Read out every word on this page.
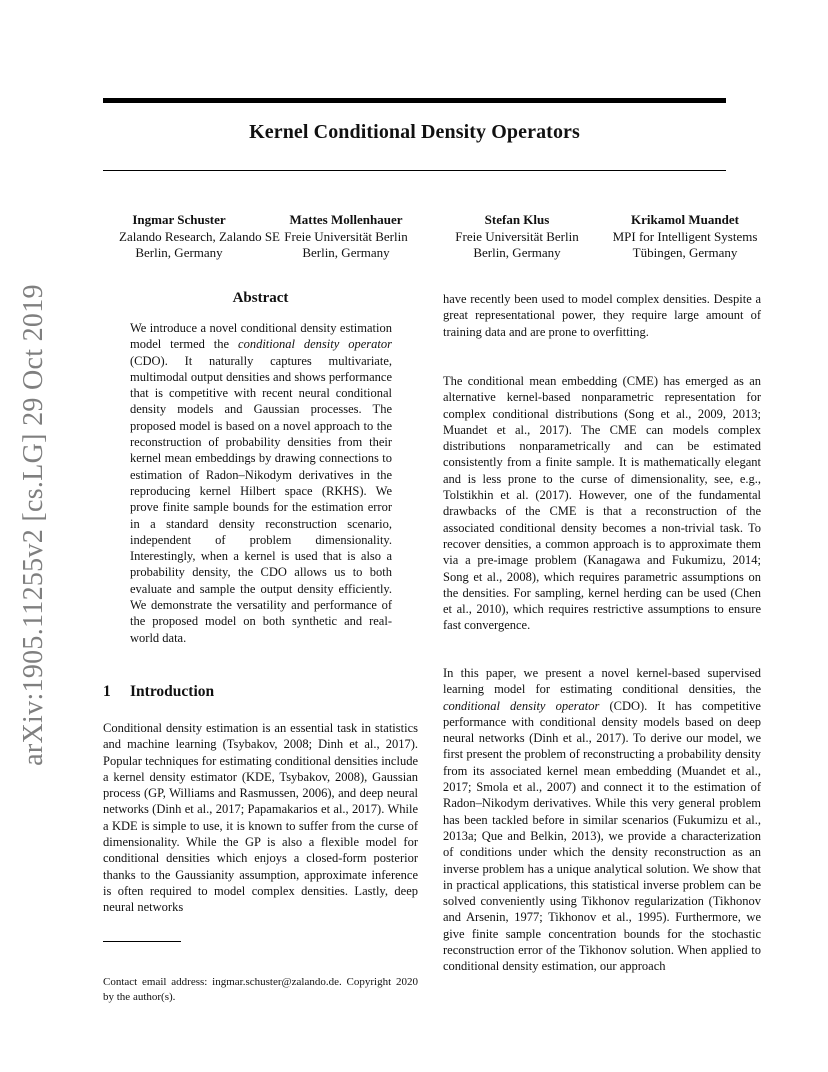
Kernel Conditional Density Operators
Ingmar Schuster
Zalando Research, Zalando SE
Berlin, Germany
Mattes Mollenhauer
Freie Universität Berlin
Berlin, Germany
Stefan Klus
Freie Universität Berlin
Berlin, Germany
Krikamol Muandet
MPI for Intelligent Systems
Tübingen, Germany
arXiv:1905.11255v2 [cs.LG] 29 Oct 2019	Abstract
We introduce a novel conditional density estimation model termed the conditional density operator (CDO). It naturally captures multivariate, multimodal output densities and shows performance that is competitive with recent neural conditional density models and Gaussian processes. The proposed model is based on a novel approach to the reconstruction of probability densities from their kernel mean embeddings by drawing connections to estimation of Radon–Nikodym derivatives in the reproducing kernel Hilbert space (RKHS). We prove finite sample bounds for the estimation error in a standard density reconstruction scenario, independent of problem dimensionality. Interestingly, when a kernel is used that is also a probability density, the CDO allows us to both evaluate and sample the output density efficiently. We demonstrate the versatility and performance of the proposed model on both synthetic and real-world data.
1 Introduction
Conditional density estimation is an essential task in statistics and machine learning (Tsybakov, 2008; Dinh et al., 2017). Popular techniques for estimating conditional densities include a kernel density estimator (KDE, Tsybakov, 2008), Gaussian process (GP, Williams and Rasmussen, 2006), and deep neural networks (Dinh et al., 2017; Papamakarios et al., 2017). While a KDE is simple to use, it is known to suffer from the curse of dimensionality. While the GP is also a flexible model for conditional densities which enjoys a closed-form posterior thanks to the Gaussianity assumption, approximate inference is often required to model complex densities. Lastly, deep neural networks
Contact email address: ingmar.schuster@zalando.de. Copyright 2020 by the author(s).
have recently been used to model complex densities. Despite a great representational power, they require large amount of training data and are prone to overfitting.
The conditional mean embedding (CME) has emerged as an alternative kernel-based nonparametric representation for complex conditional distributions (Song et al., 2009, 2013; Muandet et al., 2017). The CME can models complex distributions nonparametrically and can be estimated consistently from a finite sample. It is mathematically elegant and is less prone to the curse of dimensionality, see, e.g., Tolstikhin et al. (2017). However, one of the fundamental drawbacks of the CME is that a reconstruction of the associated conditional density becomes a non-trivial task. To recover densities, a common approach is to approximate them via a pre-image problem (Kanagawa and Fukumizu, 2014; Song et al., 2008), which requires parametric assumptions on the densities. For sampling, kernel herding can be used (Chen et al., 2010), which requires restrictive assumptions to ensure fast convergence.
In this paper, we present a novel kernel-based supervised learning model for estimating conditional densities, the conditional density operator (CDO). It has competitive performance with conditional density models based on deep neural networks (Dinh et al., 2017). To derive our model, we first present the problem of reconstructing a probability density from its associated kernel mean embedding (Muandet et al., 2017; Smola et al., 2007) and connect it to the estimation of Radon–Nikodym derivatives. While this very general problem has been tackled before in similar scenarios (Fukumizu et al., 2013a; Que and Belkin, 2013), we provide a characterization of conditions under which the density reconstruction as an inverse problem has a unique analytical solution. We show that in practical applications, this statistical inverse problem can be solved conveniently using Tikhonov regularization (Tikhonov and Arsenin, 1977; Tikhonov et al., 1995). Furthermore, we give finite sample concentration bounds for the stochastic reconstruction error of the Tikhonov solution. When applied to conditional density estimation, our approach
